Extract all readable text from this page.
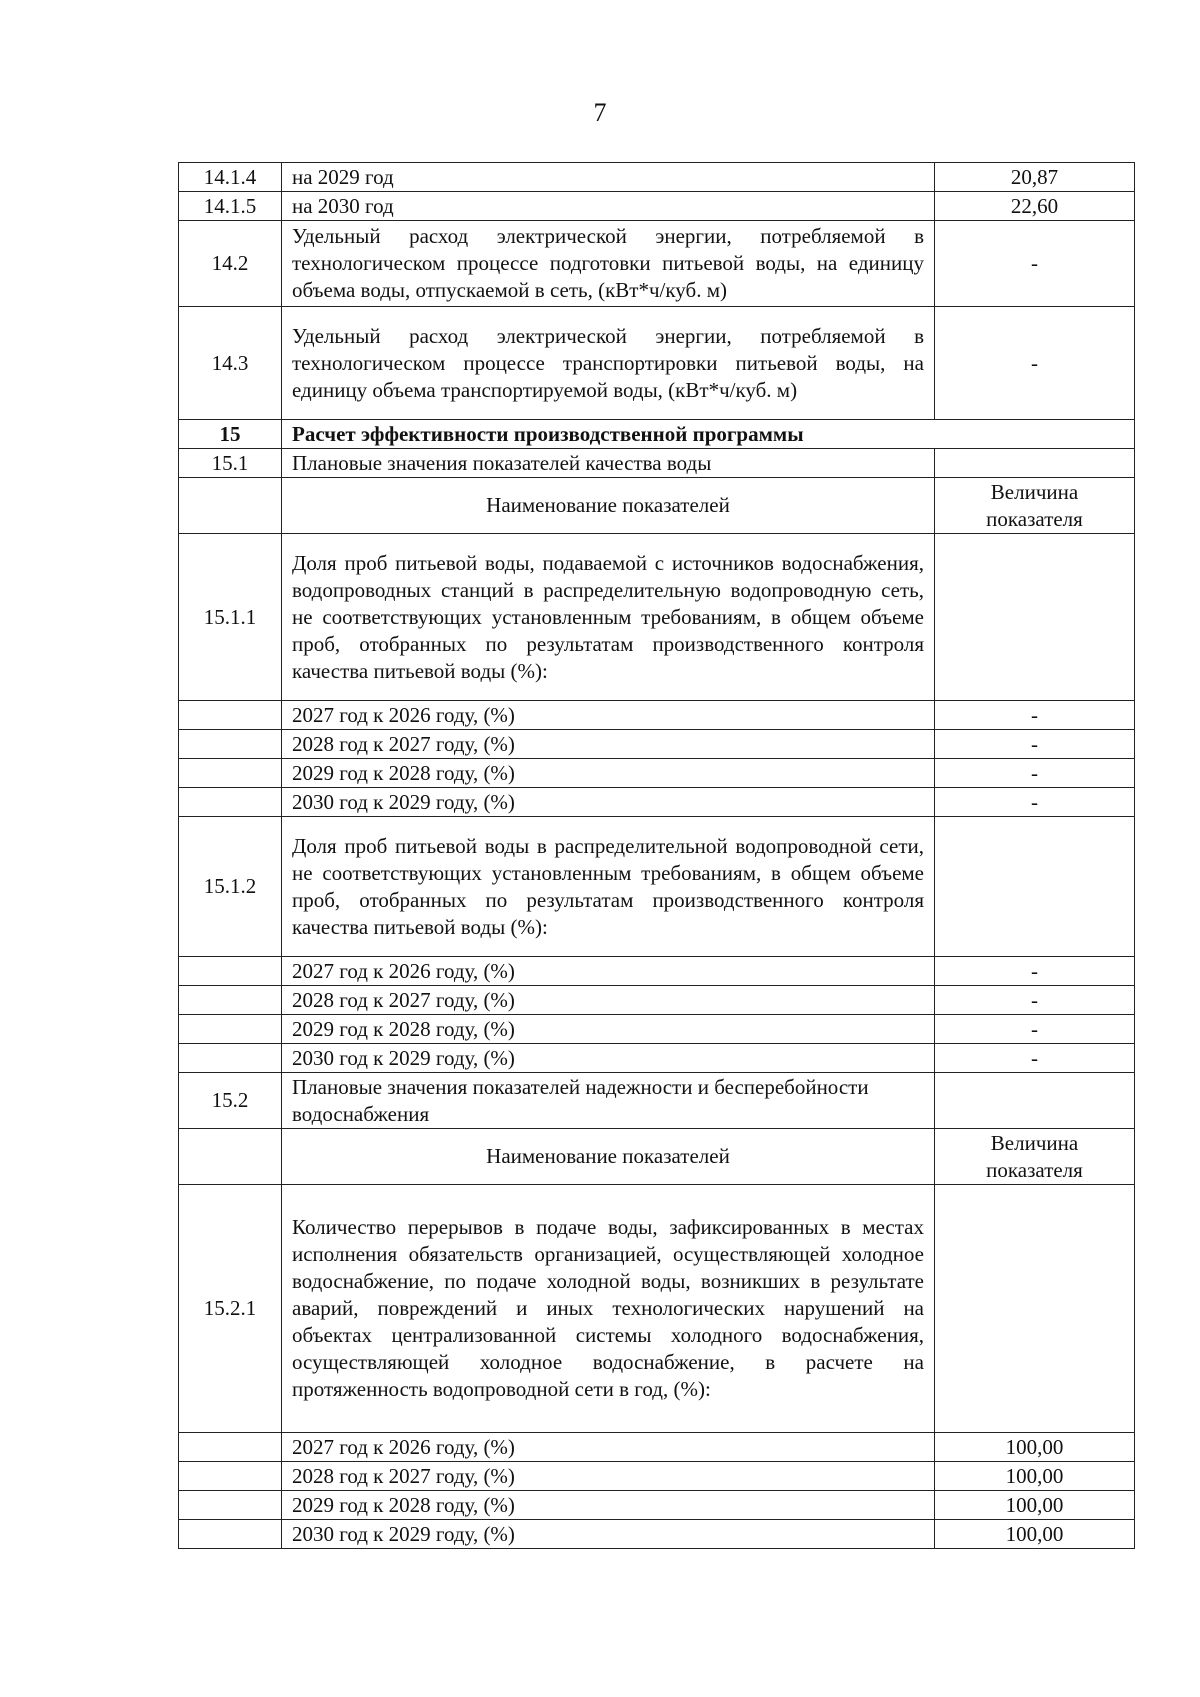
7
14.1.4	на 2029 год	20,87
14.1.5	на 2030 год	22,60
14.2	Удельный расход электрической энергии, потребляемой в технологическом процессе подготовки питьевой воды, на единицу объема воды, отпускаемой в сеть, (кВт*ч/куб. м)	-
14.3	Удельный расход электрической энергии, потребляемой в технологическом процессе транспортировки питьевой воды, на единицу объема транспортируемой воды, (кВт*ч/куб. м)	-
15	Расчет эффективности производственной программы	
15.1	Плановые значения показателей качества воды	
	Наименование показателей	Величина показателя
15.1.1	Доля проб питьевой воды, подаваемой с источников водоснабжения, водопроводных станций в распределительную водопроводную сеть, не соответствующих установленным требованиям, в общем объеме проб, отобранных по результатам производственного контроля качества питьевой воды (%):	
	2027 год к 2026 году, (%)	-
	2028 год к 2027 году, (%)	-
	2029 год к 2028 году, (%)	-
	2030 год к 2029 году, (%)	-
15.1.2	Доля проб питьевой воды в распределительной водопроводной сети, не соответствующих установленным требованиям, в общем объеме проб, отобранных по результатам производственного контроля качества питьевой воды (%):	
	2027 год к 2026 году, (%)	-
	2028 год к 2027 году, (%)	-
	2029 год к 2028 году, (%)	-
	2030 год к 2029 году, (%)	-
15.2	Плановые значения показателей надежности и бесперебойности водоснабжения	
	Наименование показателей	Величина показателя
15.2.1	Количество перерывов в подаче воды, зафиксированных в местах исполнения обязательств организацией, осуществляющей холодное водоснабжение, по подаче холодной воды, возникших в результате аварий, повреждений и иных технологических нарушений на объектах централизованной системы холодного водоснабжения, осуществляющей холодное водоснабжение, в расчете на протяженность водопроводной сети в год, (%):	
	2027 год к 2026 году, (%)	100,00
	2028 год к 2027 году, (%)	100,00
	2029 год к 2028 году, (%)	100,00
	2030 год к 2029 году, (%)	100,00
